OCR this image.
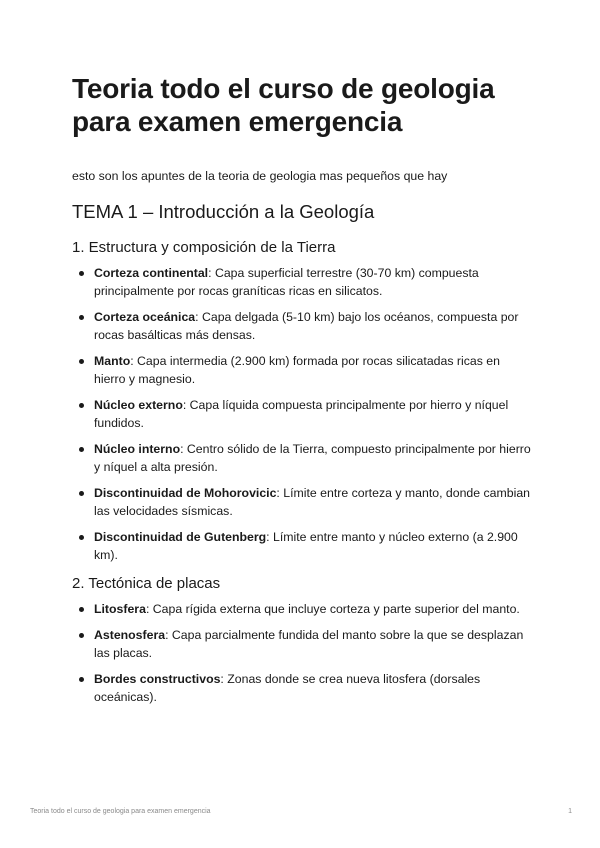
Teoria todo el curso de geologia para examen emergencia

esto son los apuntes de la teoria de geologia mas pequeños que hay

TEMA 1 – Introducción a la Geología
1. Estructura y composición de la Tierra
Corteza continental: Capa superficial terrestre (30-70 km) compuesta principalmente por rocas graníticas ricas en silicatos.
Corteza oceánica: Capa delgada (5-10 km) bajo los océanos, compuesta por rocas basálticas más densas.
Manto: Capa intermedia (2.900 km) formada por rocas silicatadas ricas en hierro y magnesio.
Núcleo externo: Capa líquida compuesta principalmente por hierro y níquel fundidos.
Núcleo interno: Centro sólido de la Tierra, compuesto principalmente por hierro y níquel a alta presión.
Discontinuidad de Mohorovicic: Límite entre corteza y manto, donde cambian las velocidades sísmicas.
Discontinuidad de Gutenberg: Límite entre manto y núcleo externo (a 2.900 km).
2. Tectónica de placas
Litosfera: Capa rígida externa que incluye corteza y parte superior del manto.
Astenosfera: Capa parcialmente fundida del manto sobre la que se desplazan las placas.
Bordes constructivos: Zonas donde se crea nueva litosfera (dorsales oceánicas).
Teoria todo el curso de geologia para examen emergencia	1
